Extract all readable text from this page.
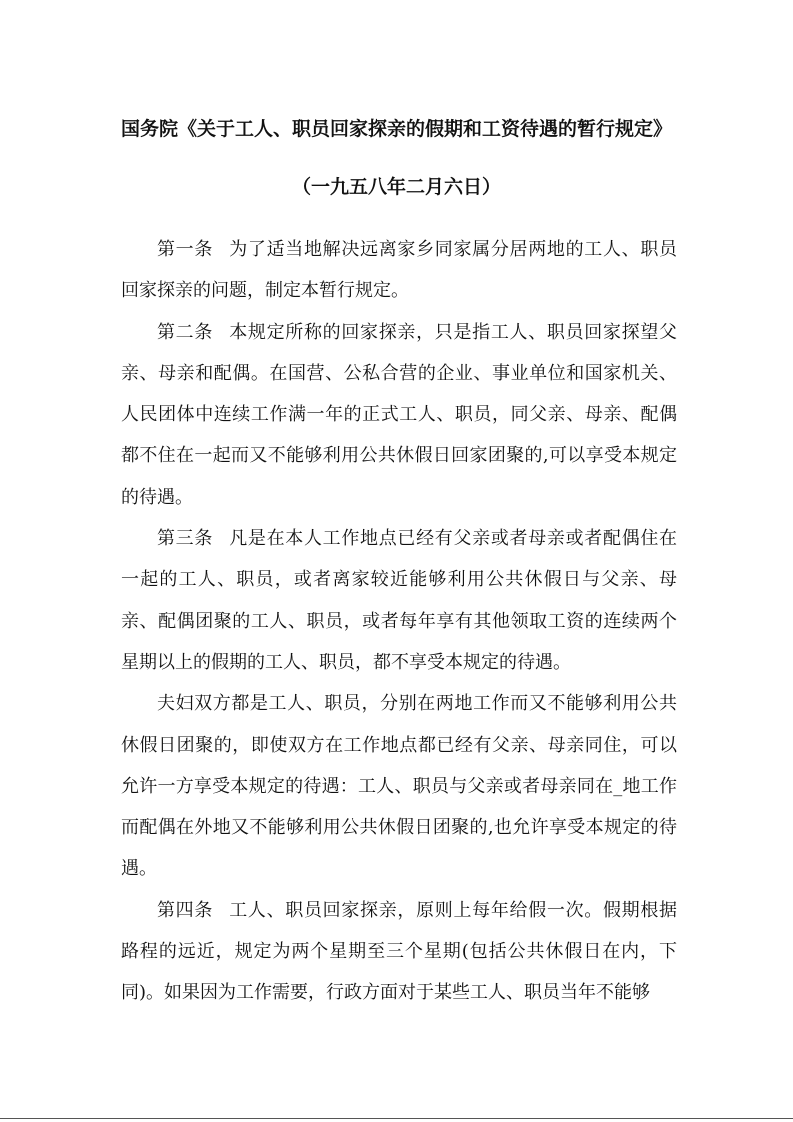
国务院《关于工人、职员回家探亲的假期和工资待遇的暂行规定》
（一九五八年二月六日）

第一条 为了适当地解决远离家乡同家属分居两地的工人、职员回家探亲的问题，制定本暂行规定。

第二条 本规定所称的回家探亲，只是指工人、职员回家探望父亲、母亲和配偶。在国营、公私合营的企业、事业单位和国家机关、人民团体中连续工作满一年的正式工人、职员，同父亲、母亲、配偶都不住在一起而又不能够利用公共休假日回家团聚的,可以享受本规定的待遇。

第三条 凡是在本人工作地点已经有父亲或者母亲或者配偶住在一起的工人、职员，或者离家较近能够利用公共休假日与父亲、母亲、配偶团聚的工人、职员，或者每年享有其他领取工资的连续两个星期以上的假期的工人、职员，都不享受本规定的待遇。

夫妇双方都是工人、职员，分别在两地工作而又不能够利用公共休假日团聚的，即使双方在工作地点都已经有父亲、母亲同住，可以允许一方享受本规定的待遇：工人、职员与父亲或者母亲同在_地工作而配偶在外地又不能够利用公共休假日团聚的,也允许享受本规定的待遇。

第四条 工人、职员回家探亲，原则上每年给假一次。假期根据路程的远近，规定为两个星期至三个星期(包括公共休假日在内，下同)。如果因为工作需要，行政方面对于某些工人、职员当年不能够
